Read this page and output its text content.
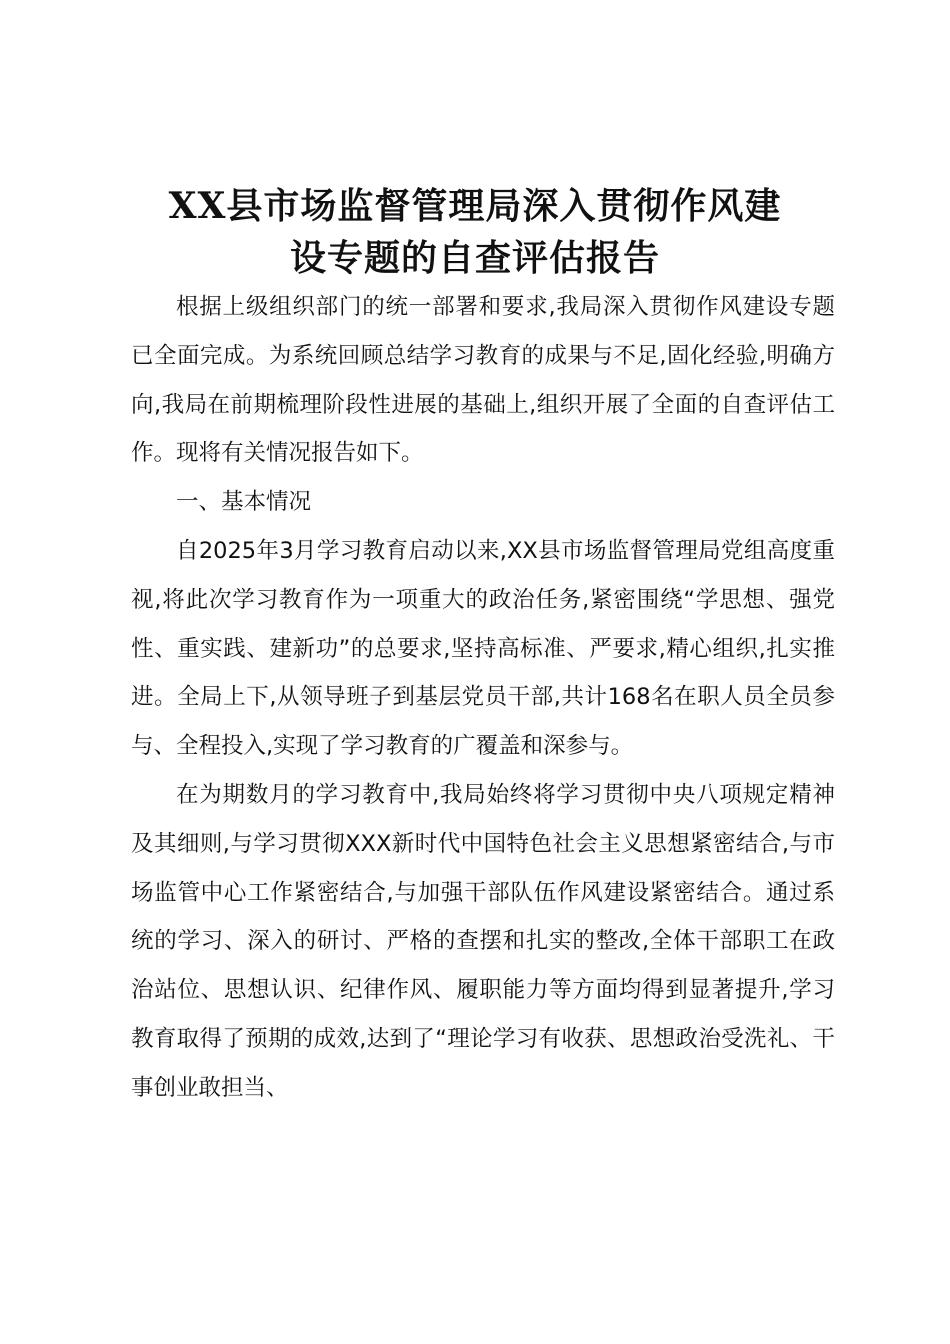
XX县市场监督管理局深入贯彻作风建
设专题的自查评估报告

根据上级组织部门的统一部署和要求,我局深入贯彻作风建设专题已全面完成。为系统回顾总结学习教育的成果与不足,固化经验,明确方向,我局在前期梳理阶段性进展的基础上,组织开展了全面的自查评估工作。现将有关情况报告如下。

一、基本情况

自2025年3月学习教育启动以来,XX县市场监督管理局党组高度重视,将此次学习教育作为一项重大的政治任务,紧密围绕“学思想、强党性、重实践、建新功”的总要求,坚持高标准、严要求,精心组织,扎实推进。全局上下,从领导班子到基层党员干部,共计168名在职人员全员参与、全程投入,实现了学习教育的广覆盖和深参与。

在为期数月的学习教育中,我局始终将学习贯彻中央八项规定精神及其细则,与学习贯彻XXX新时代中国特色社会主义思想紧密结合,与市场监管中心工作紧密结合,与加强干部队伍作风建设紧密结合。通过系统的学习、深入的研讨、严格的查摆和扎实的整改,全体干部职工在政治站位、思想认识、纪律作风、履职能力等方面均得到显著提升,学习教育取得了预期的成效,达到了“理论学习有收获、思想政治受洗礼、干事创业敢担当、
